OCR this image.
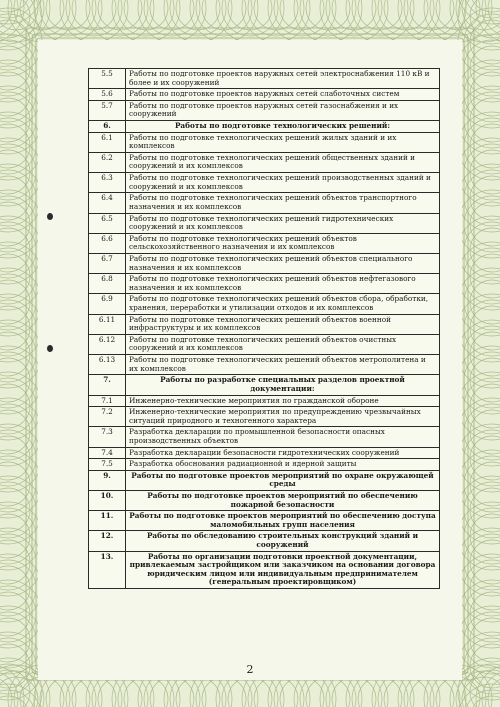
5.5	Работы по подготовке проектов наружных сетей электроснабжения 110 кВ и более и их сооружений
5.6	Работы по подготовке проектов наружных сетей слаботочных систем
5.7	Работы по подготовке проектов наружных сетей газоснабжения и их сооружений
6.	Работы по подготовке технологических решений:
6.1	Работы по подготовке технологических решений жилых зданий и их комплексов
6.2	Работы по подготовке технологических решений общественных зданий и сооружений и их комплексов
6.3	Работы по подготовке технологических решений производственных зданий и сооружений и их комплексов
6.4	Работы по подготовке технологических решений объектов транспортного назначения и их комплексов
6.5	Работы по подготовке технологических решений гидротехнических сооружений и их комплексов
6.6	Работы по подготовке технологических решений объектов сельскохозяйственного назначения и их комплексов
6.7	Работы по подготовке технологических решений объектов специального назначения и их комплексов
6.8	Работы по подготовке технологических решений объектов нефтегазового назначения и их комплексов
6.9	Работы по подготовке технологических решений объектов сбора, обработки, хранения, переработки и утилизации отходов и их комплексов
6.11	Работы по подготовке технологических решений объектов военной инфраструктуры и их комплексов
6.12	Работы по подготовке технологических решений объектов очистных сооружений и их комплексов
6.13	Работы по подготовке технологических решений объектов метрополитена и их комплексов
7.	Работы по разработке специальных разделов проектной документации:
7.1	Инженерно-технические мероприятия по гражданской обороне
7.2	Инженерно-технические мероприятия по предупреждению чрезвычайных ситуаций природного и техногенного характера
7.3	Разработка декларации по промышленной безопасности опасных производственных объектов
7.4	Разработка декларации безопасности гидротехнических сооружений
7.5	Разработка обоснования радиационной и ядерной защиты
9.	Работы по подготовке проектов мероприятий по охране окружающей среды
10.	Работы по подготовке проектов мероприятий по обеспечению пожарной безопасности
11.	Работы по подготовке проектов мероприятий по обеспечению доступа маломобильных групп населения
12.	Работы по обследованию строительных конструкций зданий и сооружений
13.	Работы по организации подготовки проектной документации, привлекаемым застройщиком или заказчиком на основании договора юридическим лицом или индивидуальным предпринимателем (генеральным проектировщиком)
2
